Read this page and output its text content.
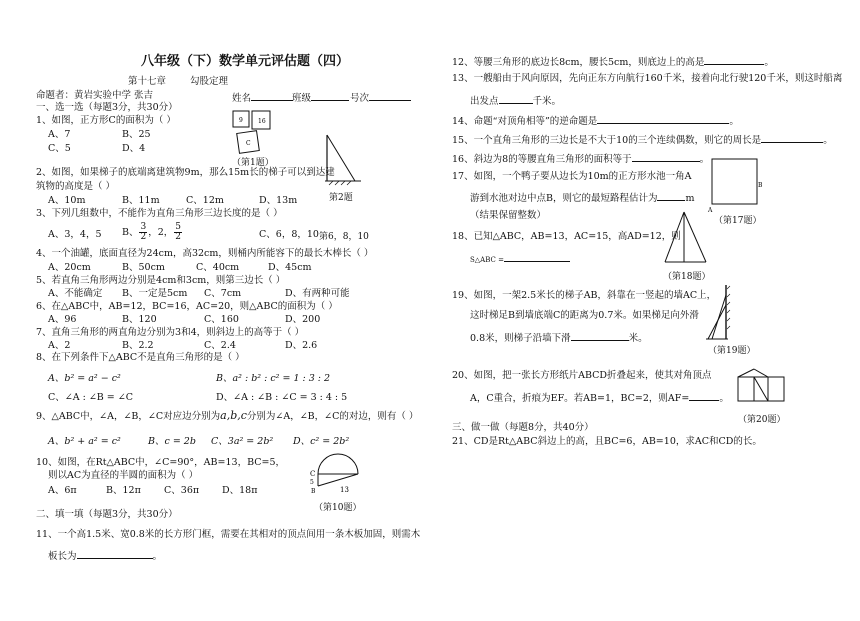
八年级（下）数学单元评估题（四）
第十七章	勾股定理
命题者：黄岩实验中学 张吉	姓名	班级	号次
一、选一选（每题3分，共30分）
1、如图，正方形C的面积为（ ）
A、7	B、25
C、5	D、4
9	16
C
（第1题）
第2题
第6，8，10
2、如图，如果梯子的底端离建筑物9m，那么15m长的梯子可以到达建
筑物的高度是（ ）
A、10m	B、11m	C、12m	D、13m
3、下列几组数中，不能作为直角三角形三边长度的是（ ）
A、3，4，5 B、 $\frac{3}{2}$ ，2， $\frac{5}{2}$	C、6，8，10
4、一个油罐，底面直径为24cm，高32cm，则桶内所能容下的最长木棒长（ ）
A、20cm	B、50cm	C、40cm	D、45cm
5、若直角三角形两边分别是4cm和3cm，则第三边长（ ）
A、不能确定 B、一定是5cm C、7cm	D、有两种可能
6、在△ABC中，AB=12，BC=16，AC=20，则△ABC的面积为（ ）
A、96	B、120	C、160	D、200
7、直角三角形的两直角边分别为3和4，则斜边上的高等于（ ）
A、2	B、2.2	C、2.4	D、2.6
8、在下列条件下△ABC不是直角三角形的是（ ）
A、b² = a² − c²	B、a² : b² : c² = 1 : 3 : 2
C、∠A : ∠B = ∠C	D、∠A : ∠B : ∠C = 3 : 4 : 5
9、△ABC中，∠A，∠B，∠C对应边分别为a,b,c分别为∠A，∠B，∠C的对边，则有（ ）
A、b² + a² = c²	B、c = 2b C、3a² = 2b² D、c² = 2b²
10、如图，在Rt△ABC中，∠C=90°，AB=13，BC=5，
则以AC为直径的半圆的面积为（ ）
A、6π	B、12π C、36π D、18π
C
5
B	13
（第10题）
二、填一填（每题3分，共30分）
11、一个高1.5米、宽0.8米的长方形门框，需要在其相对的顶点间用一条木板加固，则需木
板长为	。
12、等腰三角形的底边长8cm，腰长5cm，则底边上的高是	。
13、一艘船由于风向原因，先向正东方向航行160千米，接着向北行驶120千米，则这时船离
出发点	千米。
14、命题“对顶角相等”的逆命题是	。
15、一个直角三角形的三边长是不大于10的三个连续偶数，则它的周长是	。
16、斜边为8的等腰直角三角形的面积等于	。
17、如图，一个鸭子要从边长为10m的正方形水池一角A
游到水池对边中点B，则它的最短路程估计为	m
（结果保留整数）	A
B
（第17题）
18、已知△ABC，AB=13，AC=15，高AD=12，则
S△ABC =
（第18题）
19、如图，一架2.5米长的梯子AB，斜靠在一竖起的墙AC上，
这时梯足B到墙底端C的距离为0.7米。如果梯足向外滑
0.8米，则梯子沿墙下滑	米。
（第19题）
20、如图，把一张长方形纸片ABCD折叠起来，使其对角顶点
A，C重合，折痕为EF。若AB=1，BC=2，则AF=	。
（第20题）
三、做一做（每题8分，共40分）
21、CD是Rt△ABC斜边上的高，且BC=6，AB=10，求AC和CD的长。
